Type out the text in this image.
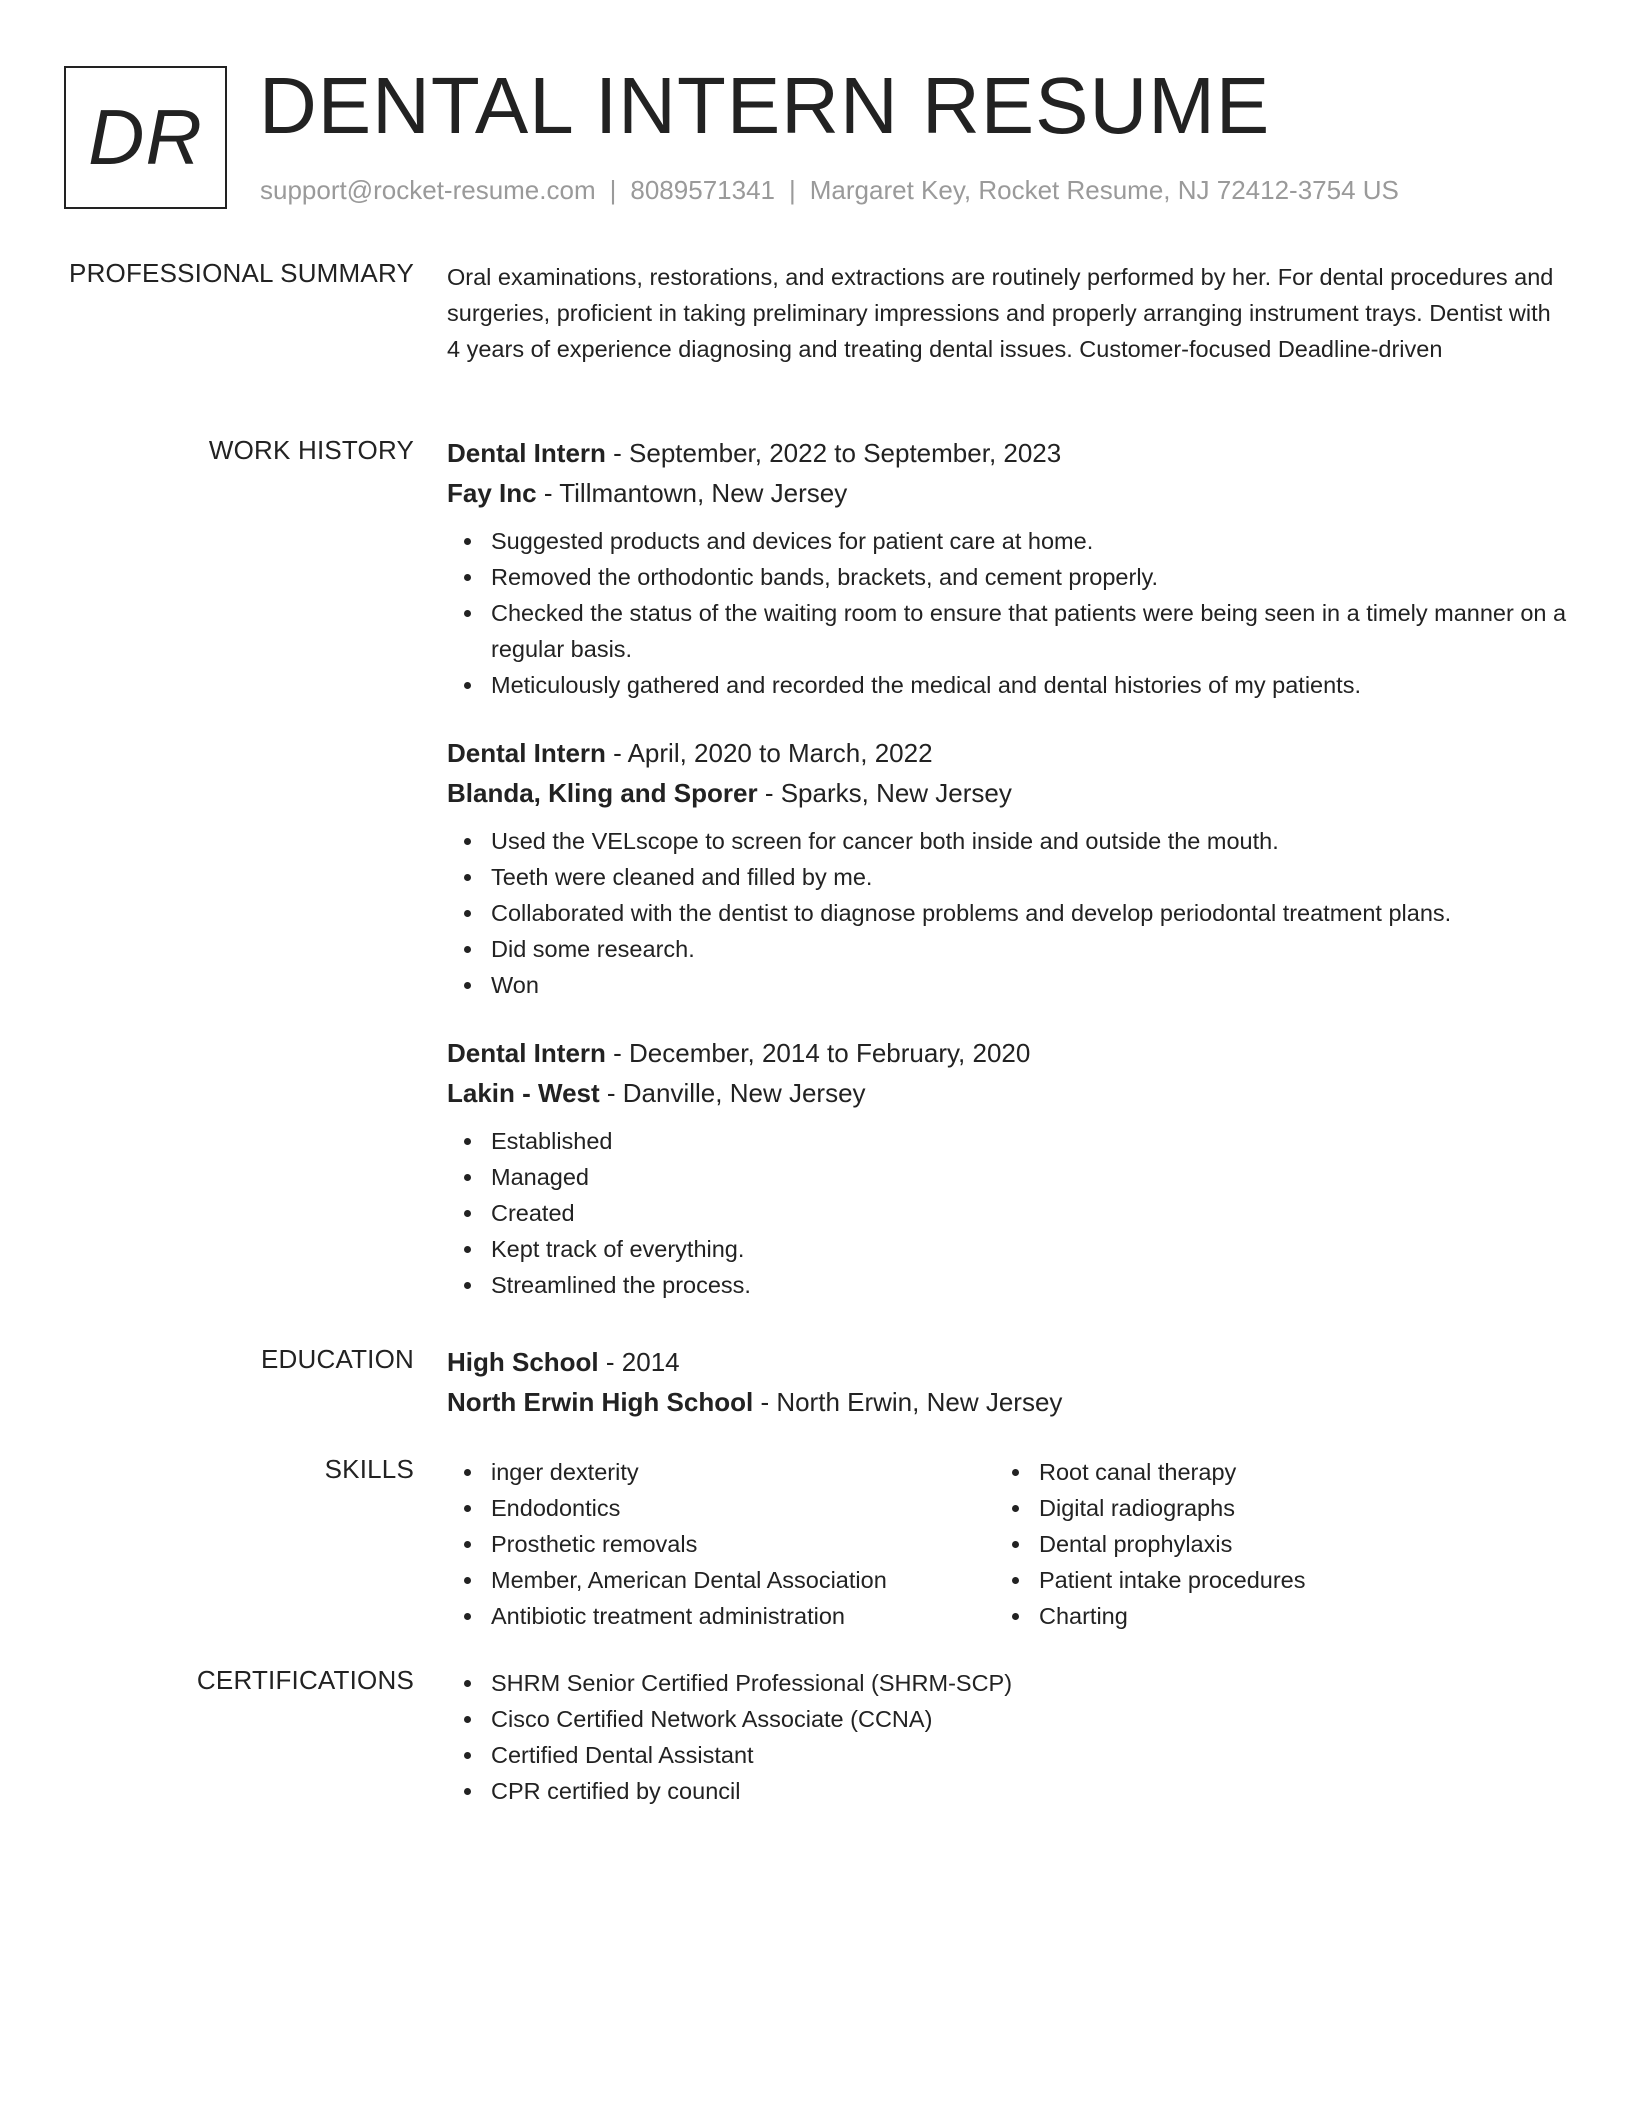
DR DENTAL INTERN RESUME
support@rocket-resume.com | 8089571341 | Margaret Key, Rocket Resume, NJ 72412-3754 US
PROFESSIONAL SUMMARY Oral examinations, restorations, and extractions are routinely performed by her. For dental procedures and surgeries, proficient in taking preliminary impressions and properly arranging instrument trays. Dentist with 4 years of experience diagnosing and treating dental issues. Customer-focused Deadline-driven

WORK HISTORY Dental Intern - September, 2022 to September, 2023
Fay Inc - Tillmantown, New Jersey
Suggested products and devices for patient care at home.
Removed the orthodontic bands, brackets, and cement properly.
Checked the status of the waiting room to ensure that patients were being seen in a timely manner on a regular basis.
Meticulously gathered and recorded the medical and dental histories of my patients.
Dental Intern - April, 2020 to March, 2022
Blanda, Kling and Sporer - Sparks, New Jersey
Used the VELscope to screen for cancer both inside and outside the mouth.
Teeth were cleaned and filled by me.
Collaborated with the dentist to diagnose problems and develop periodontal treatment plans.
Did some research.
Won
Dental Intern - December, 2014 to February, 2020
Lakin - West - Danville, New Jersey
Established
Managed
Created
Kept track of everything.
Streamlined the process.
EDUCATION High School - 2014
North Erwin High School - North Erwin, New Jersey
SKILLS	inger dexterity
Endodontics
Prosthetic removals
Member, American Dental Association
Antibiotic treatment administration
Root canal therapy
Digital radiographs
Dental prophylaxis
Patient intake procedures
Charting
CERTIFICATIONS	SHRM Senior Certified Professional (SHRM-SCP)
Cisco Certified Network Associate (CCNA)
Certified Dental Assistant
CPR certified by council
